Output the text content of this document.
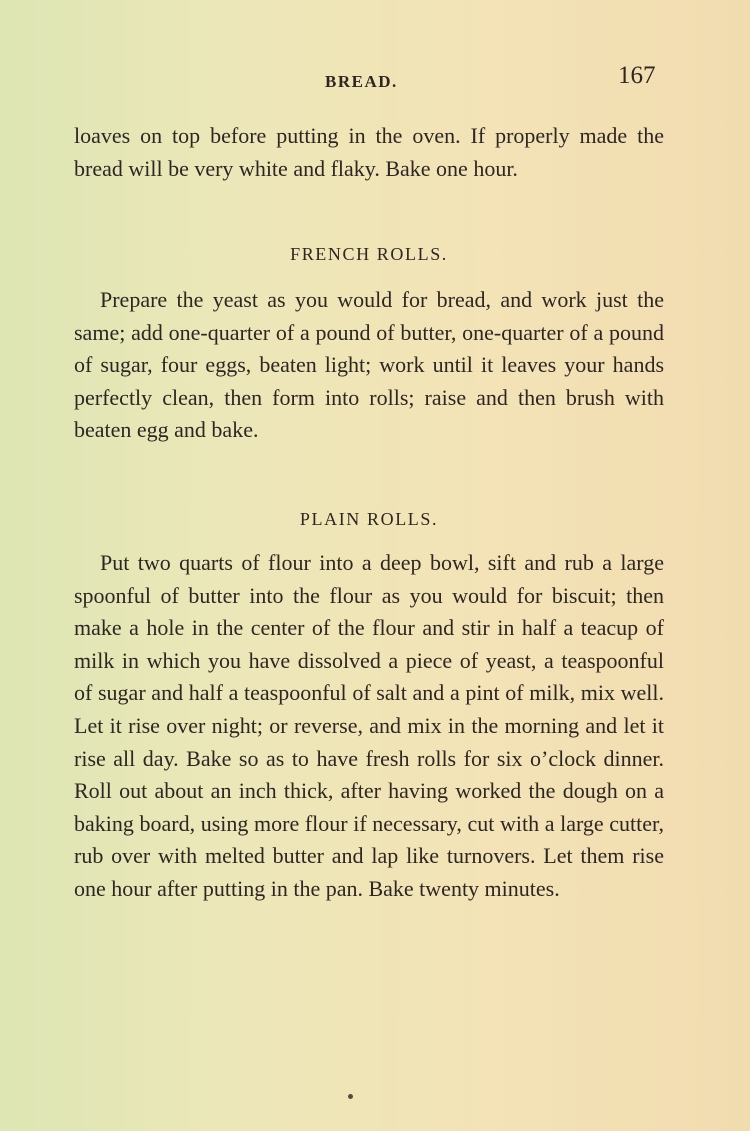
BREAD.	167
loaves on top before putting in the oven. If properly made the bread will be very white and flaky. Bake one hour.
FRENCH ROLLS.
Prepare the yeast as you would for bread, and work just the same; add one-quarter of a pound of butter, one-quarter of a pound of sugar, four eggs, beaten light; work until it leaves your hands perfectly clean, then form into rolls; raise and then brush with beaten egg and bake.
PLAIN ROLLS.
Put two quarts of flour into a deep bowl, sift and rub a large spoonful of butter into the flour as you would for biscuit; then make a hole in the center of the flour and stir in half a teacup of milk in which you have dissolved a piece of yeast, a teaspoonful of sugar and half a teaspoonful of salt and a pint of milk, mix well. Let it rise over night; or reverse, and mix in the morning and let it rise all day. Bake so as to have fresh rolls for six o’clock dinner. Roll out about an inch thick, after having worked the dough on a baking board, using more flour if necessary, cut with a large cutter, rub over with melted butter and lap like turnovers. Let them rise one hour after putting in the pan. Bake twenty minutes.
